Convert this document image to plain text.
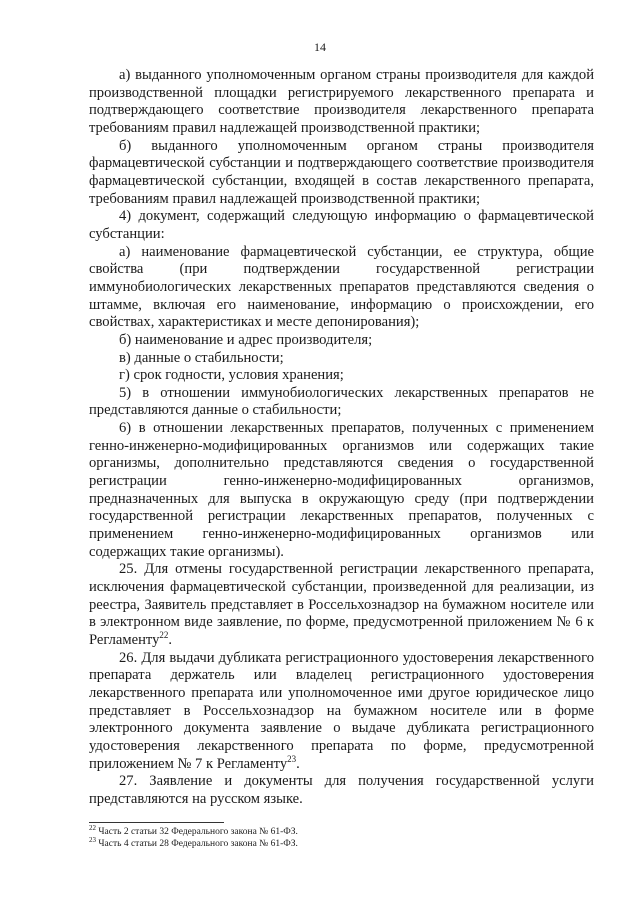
14

а) выданного уполномоченным органом страны производителя для каждой производственной площадки регистрируемого лекарственного препарата и подтверждающего соответствие производителя лекарственного препарата требованиям правил надлежащей производственной практики;

б) выданного уполномоченным органом страны производителя фармацевтической субстанции и подтверждающего соответствие производителя фармацевтической субстанции, входящей в состав лекарственного препарата, требованиям правил надлежащей производственной практики;

4) документ, содержащий следующую информацию о фармацевтической субстанции:

а) наименование фармацевтической субстанции, ее структура, общие свойства (при подтверждении государственной регистрации иммунобиологических лекарственных препаратов представляются сведения о штамме, включая его наименование, информацию о происхождении, его свойствах, характеристиках и месте депонирования);

б) наименование и адрес производителя;

в) данные о стабильности;

г) срок годности, условия хранения;

5) в отношении иммунобиологических лекарственных препаратов не представляются данные о стабильности;

6) в отношении лекарственных препаратов, полученных с применением генно-инженерно-модифицированных организмов или содержащих такие организмы, дополнительно представляются сведения о государственной регистрации генно-инженерно-модифицированных организмов, предназначенных для выпуска в окружающую среду (при подтверждении государственной регистрации лекарственных препаратов, полученных с применением генно-инженерно-модифицированных организмов или содержащих такие организмы).

25. Для отмены государственной регистрации лекарственного препарата, исключения фармацевтической субстанции, произведенной для реализации, из реестра, Заявитель представляет в Россельхознадзор на бумажном носителе или в электронном виде заявление, по форме, предусмотренной приложением № 6 к Регламенту$^{22}$.

26. Для выдачи дубликата регистрационного удостоверения лекарственного препарата держатель или владелец регистрационного удостоверения лекарственного препарата или уполномоченное ими другое юридическое лицо представляет в Россельхознадзор на бумажном носителе или в форме электронного документа заявление о выдаче дубликата регистрационного удостоверения лекарственного препарата по форме, предусмотренной приложением № 7 к Регламенту$^{23}$.

27. Заявление и документы для получения государственной услуги представляются на русском языке.

$^{22}$ Часть 2 статьи 32 Федерального закона № 61-ФЗ.

$^{23}$ Часть 4 статьи 28 Федерального закона № 61-ФЗ.
